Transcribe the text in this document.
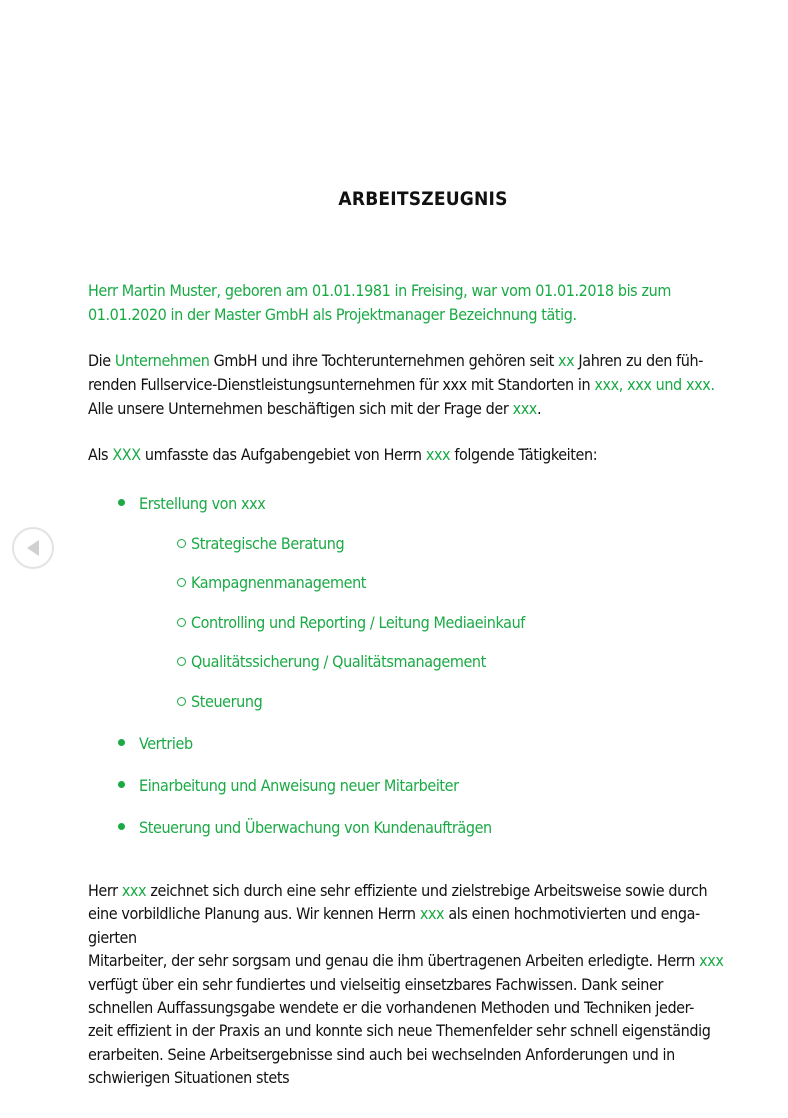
ARBEITSZEUGNIS
Herr Martin Muster, geboren am 01.01.1981 in Freising, war vom 01.01.2018 bis zum
01.01.2020 in der Master GmbH als Projektmanager Bezeichnung tätig.
Die Unternehmen GmbH und ihre Tochterunternehmen gehören seit xx Jahren zu den füh-
renden Fullservice-Dienstleistungsunternehmen für xxx mit Standorten in xxx, xxx und xxx.
Alle unsere Unternehmen beschäftigen sich mit der Frage der xxx.
Als XXX umfasste das Aufgabengebiet von Herrn xxx folgende Tätigkeiten:
Erstellung von xxx
Strategische Beratung
Kampagnenmanagement
Controlling und Reporting / Leitung Mediaeinkauf
Qualitätssicherung / Qualitätsmanagement
Steuerung
Vertrieb
Einarbeitung und Anweisung neuer Mitarbeiter
Steuerung und Überwachung von Kundenaufträgen
Herr xxx zeichnet sich durch eine sehr effiziente und zielstrebige Arbeitsweise sowie durch
eine vorbildliche Planung aus. Wir kennen Herrn xxx als einen hochmotivierten und enga-
gierten
Mitarbeiter, der sehr sorgsam und genau die ihm übertragenen Arbeiten erledigte. Herrn xxx
verfügt über ein sehr fundiertes und vielseitig einsetzbares Fachwissen. Dank seiner
schnellen Auffassungsgabe wendete er die vorhandenen Methoden und Techniken jeder-
zeit effizient in der Praxis an und konnte sich neue Themenfelder sehr schnell eigenständig
erarbeiten. Seine Arbeitsergebnisse sind auch bei wechselnden Anforderungen und in
schwierigen Situationen stets
